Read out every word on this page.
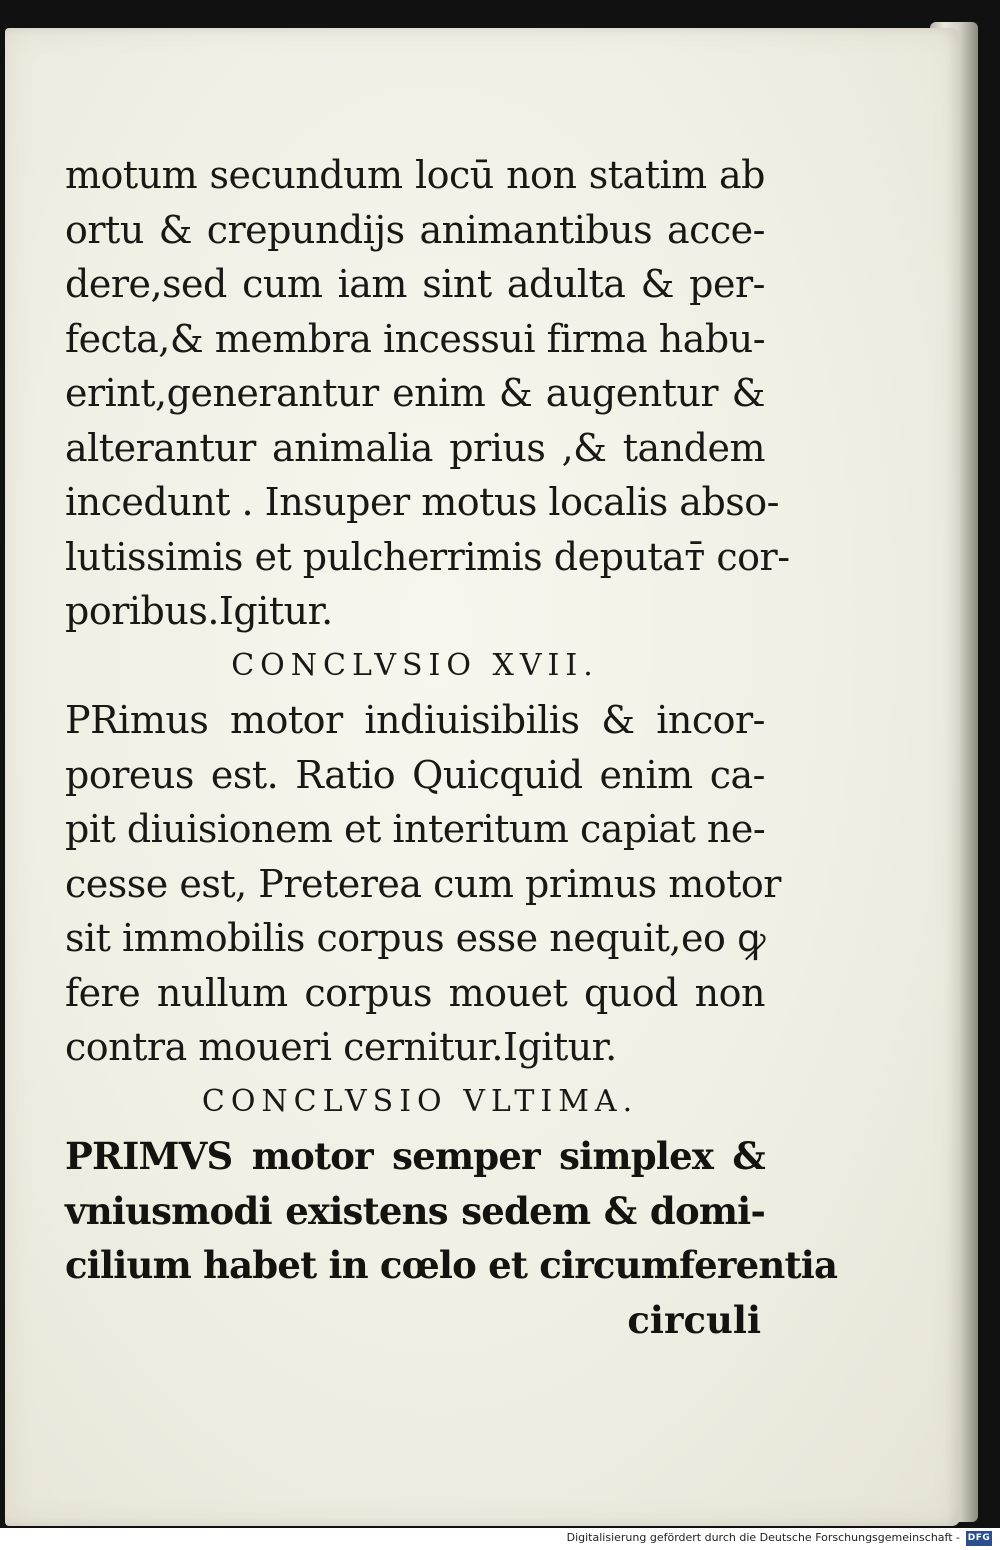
motum secundum locū non statim ab
ortu & crepundijs animantibus acce-
dere,sed cum iam sint adulta & per-
fecta,& membra incessui firma habu-
erint,generantur enim & augentur &
alterantur animalia prius ,& tandem
incedunt . Insuper motus localis abso-
lutissimis et pulcherrimis deputaт̄ cor-
poribus.Igitur.
CONCLVSIO XVII.
PRimus motor indiuisibilis & incor-
poreus est. Ratio Quicquid enim ca-
pit diuisionem et interitum capiat ne-
cesse est, Preterea cum primus motor
sit immobilis corpus esse nequit,eo ꝙ
fere nullum corpus mouet quod non
contra moueri cernitur.Igitur.
CONCLVSIO VLTIMA.
PRIMVS motor semper simplex &
vniusmodi existens sedem & domi-
cilium habet in cœlo et circumferentia
circuli
Digitalisierung gefördert durch die Deutsche Forschungsgemeinschaft - DFG
